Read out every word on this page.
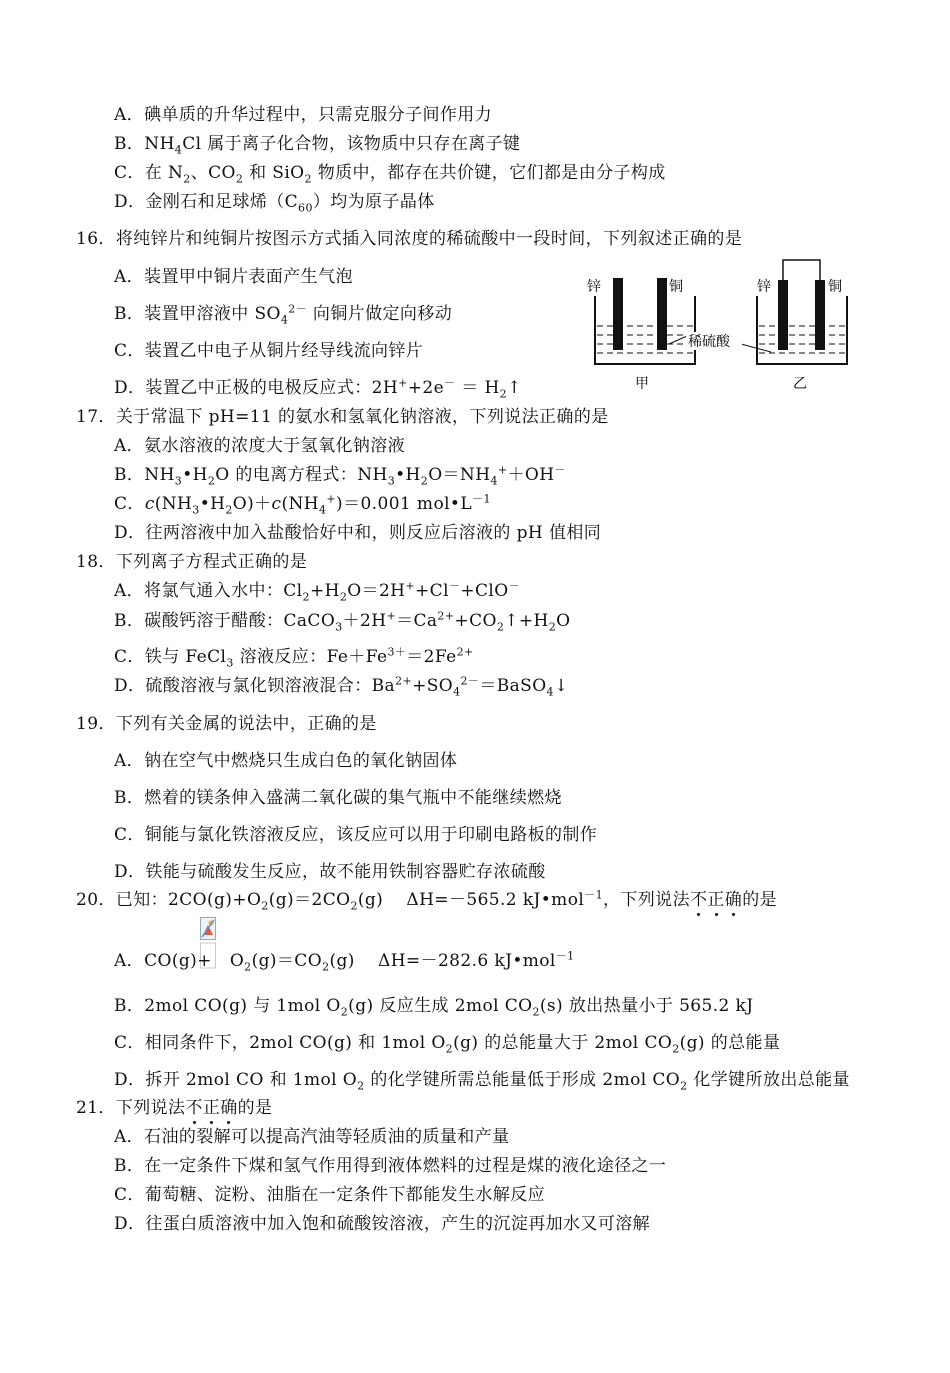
A．碘单质的升华过程中，只需克服分子间作用力
B．$NH_4Cl$ 属于离子化合物，该物质中只存在离子键
C．在 $N_2$、$CO_2$ 和 SiO$_2$ 物质中，都存在共价键，它们都是由分子构成
D．金刚石和足球烯$(C_{60})$均为原子晶体
16．将纯锌片和纯铜片按图示方式插入同浓度的稀硫酸中一段时间，下列叙述正确的是
A．装置甲中铜片表面产生气泡
B．装置甲溶液中 $SO_4^{2-}$ 向铜片做定向移动
C．装置乙中电子从铜片经导线流向锌片
D．装置乙中正极的电极反应式：$2H^++2e^- = H_2↑$
锌	铜
甲
锌	铜
乙
稀硫酸
17．关于常温下 pH=11 的氨水和氢氧化钠溶液，下列说法正确的是
A．氨水溶液的浓度大于氢氧化钠溶液
B．$NH_3•H_2O$ 的电离方程式：$NH_3•H_2O=NH_4^++OH^-$
C．$c(NH_3•H_2O)+c(NH_4^+)=0.001$ $mol•L^{-1}$
D．往两溶液中加入盐酸恰好中和，则反应后溶液的 pH 值相同
18．下列离子方程式正确的是
A．将氯气通入水中：$Cl_2+H_2O=2H^++Cl^-+ClO^-$
B．碳酸钙溶于醋酸：$CaCO_3+2H^+=Ca^{2+}+CO_2↑+H_2O$
C．铁与 FeCl$_3$ 溶液反应：$Fe+Fe^{3+}=2Fe^{2+}$
D．硫酸溶液与氯化钡溶液混合：$Ba^{2+}+SO_4^{2-}=BaSO_4↓$
19．下列有关金属的说法中，正确的是
A．钠在空气中燃烧只生成白色的氧化钠固体
B．燃着的镁条伸入盛满二氧化碳的集气瓶中不能继续燃烧
C．铜能与氯化铁溶液反应，该反应可以用于印刷电路板的制作
D．铁能与硫酸发生反应，故不能用铁制容器贮存浓硫酸
20．已知：$2CO(g)+O_2(g)=2CO_2(g)$　 ΔH=－565.2 kJ•mol$^{-1}$，下列说法不正确的是
A．$CO(g)+ O_2(g)=CO_2(g)$　 ΔH=－282.6 kJ•mol$^{-1}$
B．2mol CO(g) 与 1mol $O_2(g)$ 反应生成 2mol $CO_2(s)$ 放出热量小于 565.2 kJ
C．相同条件下，2mol CO(g) 和 1mol $O_2(g)$ 的总能量大于 2mol $CO_2(g)$ 的总能量
D．拆开 2mol CO 和 1mol $O_2$ 的化学键所需总能量低于形成 2mol $CO_2$ 化学键所放出总能量
21．下列说法不正确的是
A．石油的裂解可以提高汽油等轻质油的质量和产量
B．在一定条件下煤和氢气作用得到液体燃料的过程是煤的液化途径之一
C．葡萄糖、淀粉、油脂在一定条件下都能发生水解反应
D．往蛋白质溶液中加入饱和硫酸铵溶液，产生的沉淀再加水又可溶解
